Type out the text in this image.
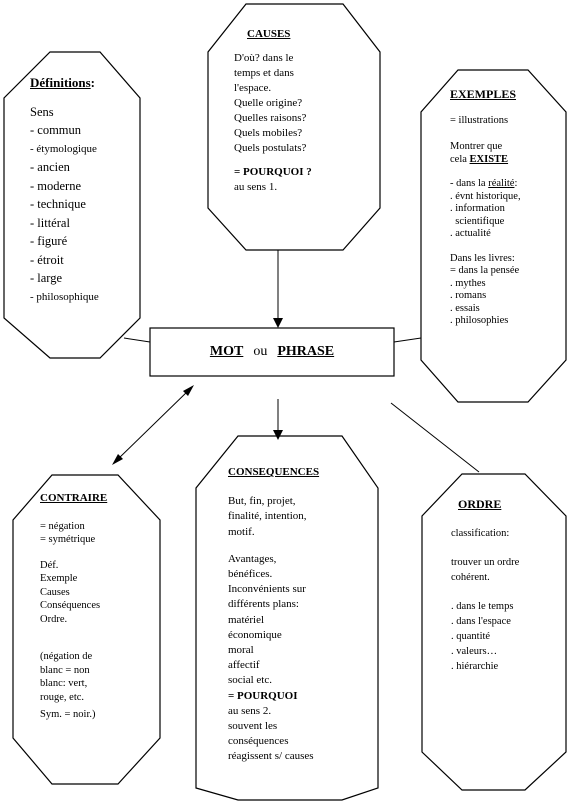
MOT ou PHRASE
CAUSES
D'où? dans le
temps et dans
l'espace.
Quelle origine?
Quelles raisons?
Quels mobiles?
Quels postulats?
= POURQUOI ?
au sens 1.
Définitions:
Sens
- commun
- étymologique
- ancien
- moderne
- technique
- littéral
- figuré
- étroit
- large
- philosophique
EXEMPLES
= illustrations
Montrer que
cela EXISTE
- dans la réalité:
. évnt historique,
. information
scientifique
. actualité
Dans les livres:
= dans la pensée
. mythes
. romans
. essais
. philosophies
CONTRAIRE
= négation
= symétrique
Déf.
Exemple
Causes
Conséquences
Ordre.
(négation de
blanc = non
blanc: vert,
rouge, etc.
Sym. = noir.)
CONSEQUENCES
But, fin, projet,
finalité, intention,
motif.
Avantages,
bénéfices.
Inconvénients sur
différents plans:
matériel
économique
moral
affectif
social etc.
= POURQUOI
au sens 2.
souvent les
conséquences
réagissent s/ causes
ORDRE
classification:
trouver un ordre
cohérent.
. dans le temps
. dans l'espace
. quantité
. valeurs…
. hiérarchie
